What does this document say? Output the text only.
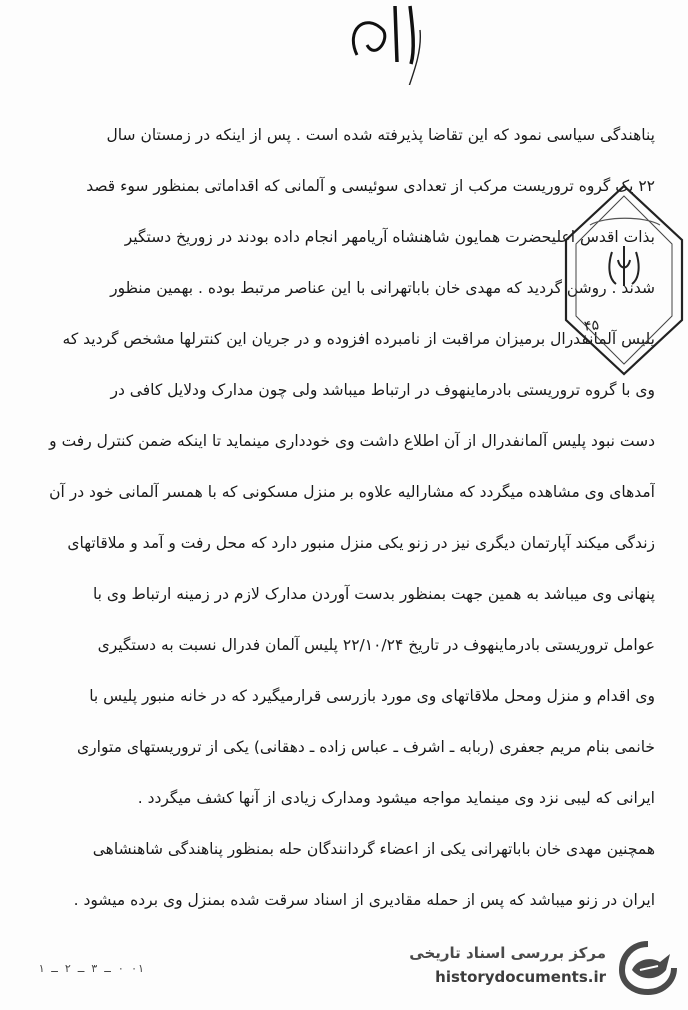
پناهندگی سیاسی نمود که این تقاضا پذیرفته شده است . پس از اینکه در زمستان سال
۲۲ یک گروه تروریست مرکب از تعدادی سوئیسی و آلمانی که اقداماتی بمنظور سوء قصد
بذات اقدس اعلیحضرت همایون شاهنشاه آریامهر انجام داده بودند در زوریخ دستگیر
شدند . روشن گردید که مهدی خان باباتهرانی با این عناصر مرتبط بوده . بهمین منظور
پلیس آلمانفدرال برمیزان مراقبت از نامبرده افزوده و در جریان این کنترلها مشخص گردید که
وی با گروه تروریستی بادرماینهوف در ارتباط میباشد ولی چون مدارک ودلایل کافی در
دست نبود پلیس آلمانفدرال از آن اطلاع داشت وی خودداری مینماید تا اینکه ضمن کنترل رفت و
آمدهای وی مشاهده میگردد که مشارالیه علاوه بر منزل مسکونی که با همسر آلمانی خود در آن
زندگی میکند آپارتمان دیگری نیز در زنو یکی منزل منبور دارد که محل رفت و آمد و ملاقاتهای
پنهانی وی میباشد به همین جهت بمنظور بدست آوردن مدارک لازم در زمینه ارتباط وی با
عوامل تروریستی بادرماینهوف در تاریخ ۲۲/۱۰/۲۴ پلیس آلمان فدرال نسبت به دستگیری
وی اقدام و منزل ومحل ملاقاتهای وی مورد بازرسی قرارمیگیرد که در خانه منبور پلیس با
خانمی بنام مریم جعفری (ربابه ـ اشرف ـ عباس زاده ـ دهقانی) یکی از تروریستهای متواری
ایرانی که لیبی نزد وی مینماید مواجه میشود ومدارک زیادی از آنها کشف میگردد .
همچنین مهدی خان باباتهرانی یکی از اعضاء گردانندگان حله بمنظور پناهندگی شاهنشاهی
ایران در زنو میباشد که پس از حمله مقادیری از اسناد سرقت شده بمنزل وی برده میشود .
۴۵
۰۱ ۰ ـ ۳ ـ ۲ ـ ۱
مرکز بررسی اسناد تاریخی
historydocuments.ir
